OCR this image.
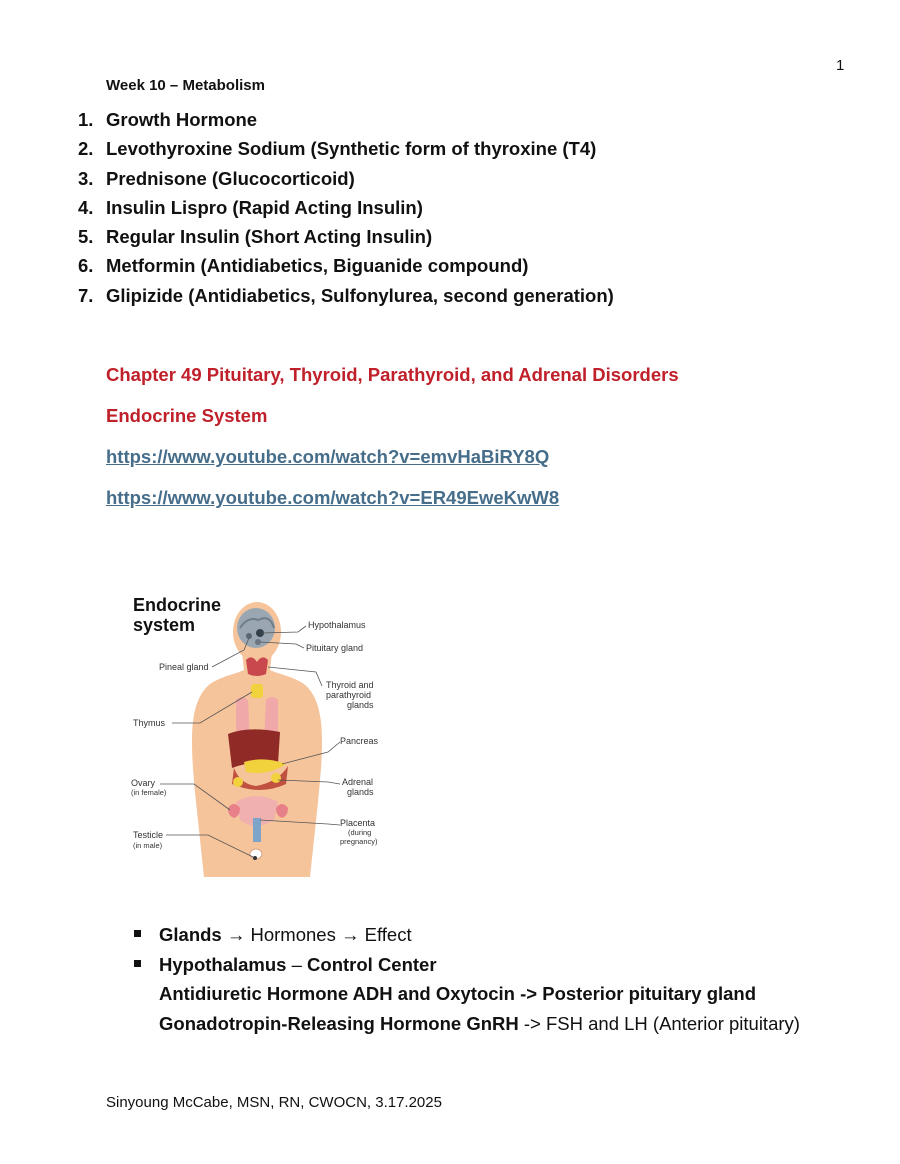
1
Week 10 – Metabolism
1. Growth Hormone
2. Levothyroxine Sodium (Synthetic form of thyroxine (T4)
3. Prednisone (Glucocorticoid)
4. Insulin Lispro (Rapid Acting Insulin)
5. Regular Insulin (Short Acting Insulin)
6. Metformin (Antidiabetics, Biguanide compound)
7. Glipizide (Antidiabetics, Sulfonylurea, second generation)
Chapter 49 Pituitary, Thyroid, Parathyroid, and Adrenal Disorders
Endocrine System
https://www.youtube.com/watch?v=emvHaBiRY8Q
https://www.youtube.com/watch?v=ER49EweKwW8
Endocrine
system	Hypothalamus
Pituitary gland
Pineal gland
Thyroid and
parathyroid
glands
Thymus
Pancreas
Ovary
(in female)
Adrenal
glands
Testicle
(in male)
Placenta
(during
pregnancy)
Glands → Hormones → Effect
Hypothalamus – Control Center
Antidiuretic Hormone ADH and Oxytocin -> Posterior pituitary gland
Gonadotropin-Releasing Hormone GnRH -> FSH and LH (Anterior pituitary)
Sinyoung McCabe, MSN, RN, CWOCN, 3.17.2025
